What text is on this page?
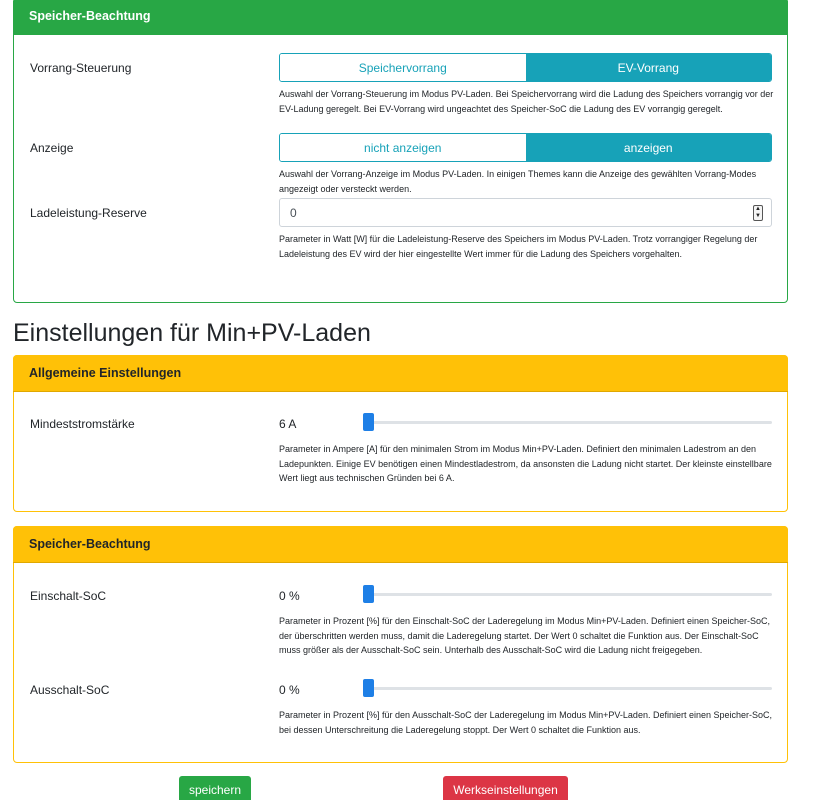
Speicher-Beachtung
Vorrang-Steuerung	Speichervorrang	EV-Vorrang
Auswahl der Vorrang-Steuerung im Modus PV-Laden. Bei Speichervorrang wird die Ladung des Speichers vorrangig vor der EV-Ladung geregelt. Bei EV-Vorrang wird ungeachtet des Speicher-SoC die Ladung des EV vorrangig geregelt.
Anzeige	nicht anzeigen	anzeigen
Auswahl der Vorrang-Anzeige im Modus PV-Laden. In einigen Themes kann die Anzeige des gewählten Vorrang-Modes angezeigt oder versteckt werden.
Ladeleistung-Reserve	0	▲
▼
Parameter in Watt [W] für die Ladeleistung-Reserve des Speichers im Modus PV-Laden. Trotz vorrangiger Regelung der Ladeleistung des EV wird der hier eingestellte Wert immer für die Ladung des Speichers vorgehalten.
Einstellungen für Min+PV-Laden
Allgemeine Einstellungen
Mindeststromstärke	6 A
Parameter in Ampere [A] für den minimalen Strom im Modus Min+PV-Laden. Definiert den minimalen Ladestrom an den Ladepunkten. Einige EV benötigen einen Mindestladestrom, da ansonsten die Ladung nicht startet. Der kleinste einstellbare Wert liegt aus technischen Gründen bei 6 A.
Speicher-Beachtung
Einschalt-SoC	0 %
Parameter in Prozent [%] für den Einschalt-SoC der Laderegelung im Modus Min+PV-Laden. Definiert einen Speicher-SoC, der überschritten werden muss, damit die Laderegelung startet. Der Wert 0 schaltet die Funktion aus. Der Einschalt-SoC muss größer als der Ausschalt-SoC sein. Unterhalb des Ausschalt-SoC wird die Ladung nicht freigegeben.
Ausschalt-SoC	0 %
Parameter in Prozent [%] für den Ausschalt-SoC der Laderegelung im Modus Min+PV-Laden. Definiert einen Speicher-SoC, bei dessen Unterschreitung die Laderegelung stoppt. Der Wert 0 schaltet die Funktion aus.
speichern	Werkseinstellungen
